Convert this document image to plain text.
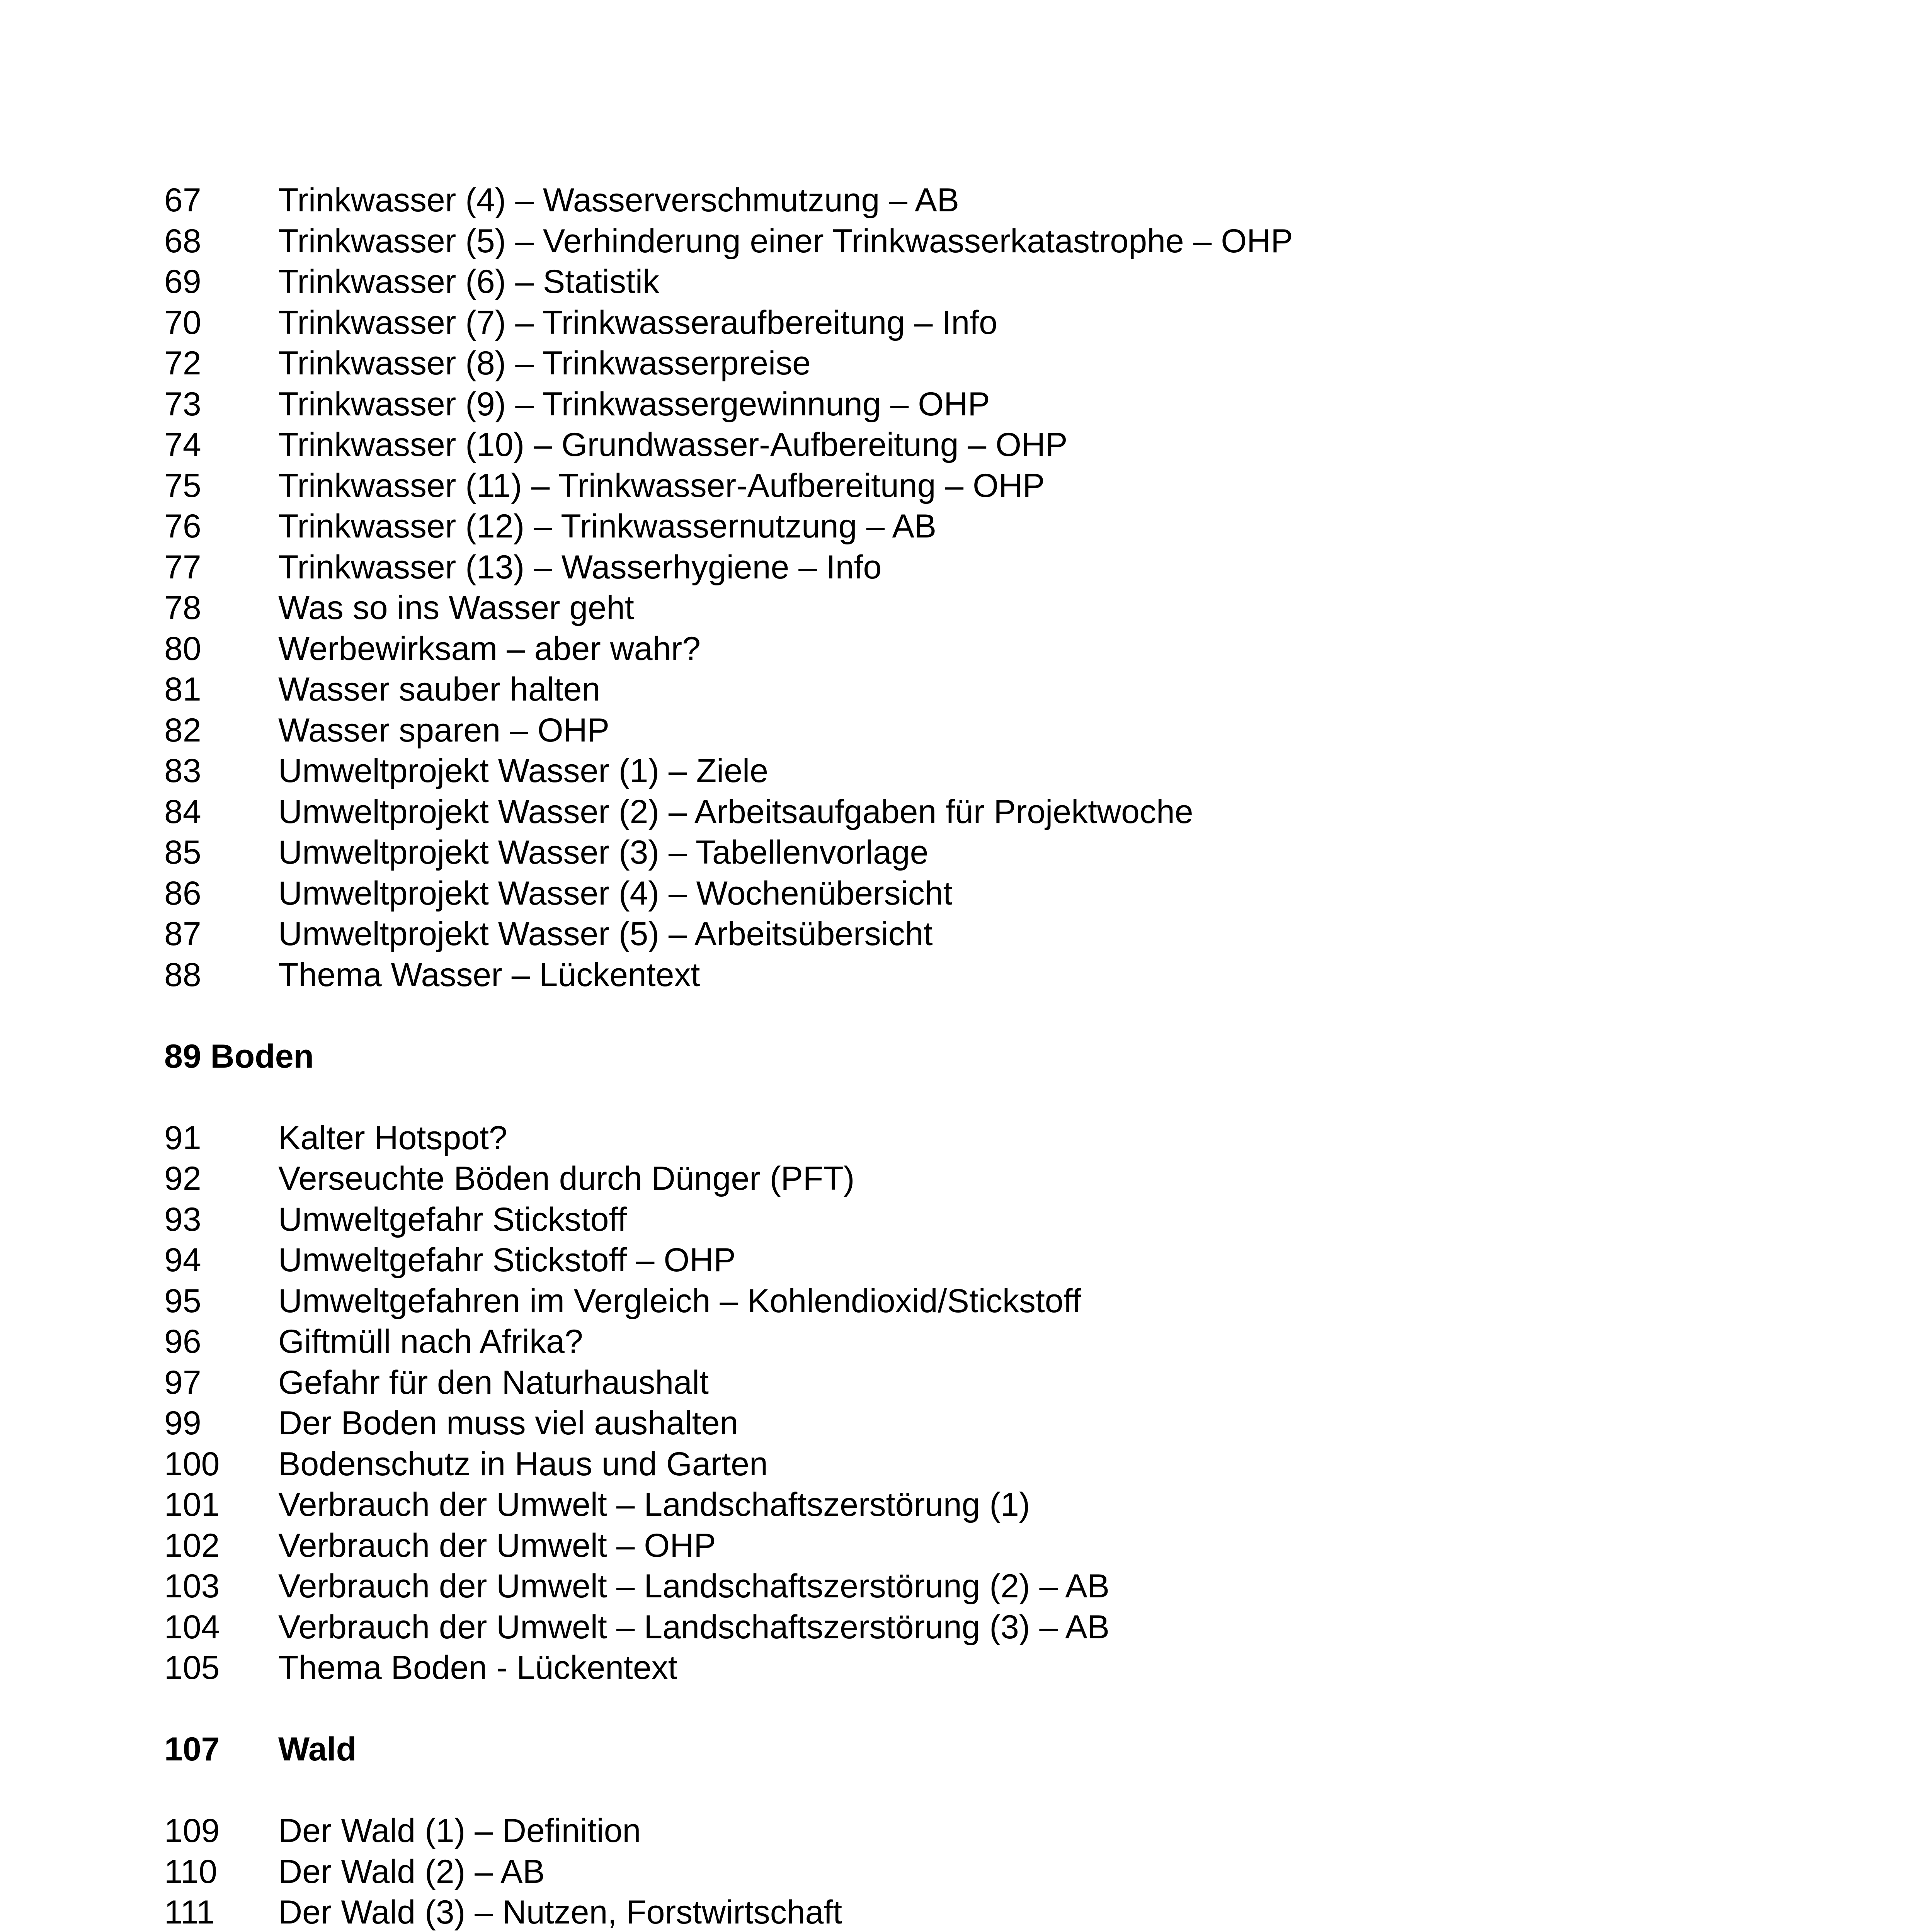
67	Trinkwasser (4) – Wasserverschmutzung – AB
68	Trinkwasser (5) – Verhinderung einer Trinkwasserkatastrophe – OHP
69	Trinkwasser (6) – Statistik
70	Trinkwasser (7) – Trinkwasseraufbereitung – Info
72	Trinkwasser (8) – Trinkwasserpreise
73	Trinkwasser (9) – Trinkwassergewinnung – OHP
74	Trinkwasser (10) – Grundwasser-Aufbereitung – OHP
75	Trinkwasser (11) – Trinkwasser-Aufbereitung – OHP
76	Trinkwasser (12) – Trinkwassernutzung – AB
77	Trinkwasser (13) – Wasserhygiene – Info
78	Was so ins Wasser geht
80	Werbewirksam – aber wahr?
81	Wasser sauber halten
82	Wasser sparen – OHP
83	Umweltprojekt Wasser (1) – Ziele
84	Umweltprojekt Wasser (2) – Arbeitsaufgaben für Projektwoche
85	Umweltprojekt Wasser (3) – Tabellenvorlage
86	Umweltprojekt Wasser (4) – Wochenübersicht
87	Umweltprojekt Wasser (5) – Arbeitsübersicht
88	Thema Wasser – Lückentext
89 Boden
91	Kalter Hotspot?
92	Verseuchte Böden durch Dünger (PFT)
93	Umweltgefahr Stickstoff
94	Umweltgefahr Stickstoff – OHP
95	Umweltgefahren im Vergleich – Kohlendioxid/Stickstoff
96	Giftmüll nach Afrika?
97	Gefahr für den Naturhaushalt
99	Der Boden muss viel aushalten
100	Bodenschutz in Haus und Garten
101	Verbrauch der Umwelt – Landschaftszerstörung (1)
102	Verbrauch der Umwelt – OHP
103	Verbrauch der Umwelt – Landschaftszerstörung (2) – AB
104	Verbrauch der Umwelt – Landschaftszerstörung (3) – AB
105	Thema Boden - Lückentext
107	Wald
109	Der Wald (1) – Definition
110	Der Wald (2) – AB
111	Der Wald (3) – Nutzen, Forstwirtschaft
